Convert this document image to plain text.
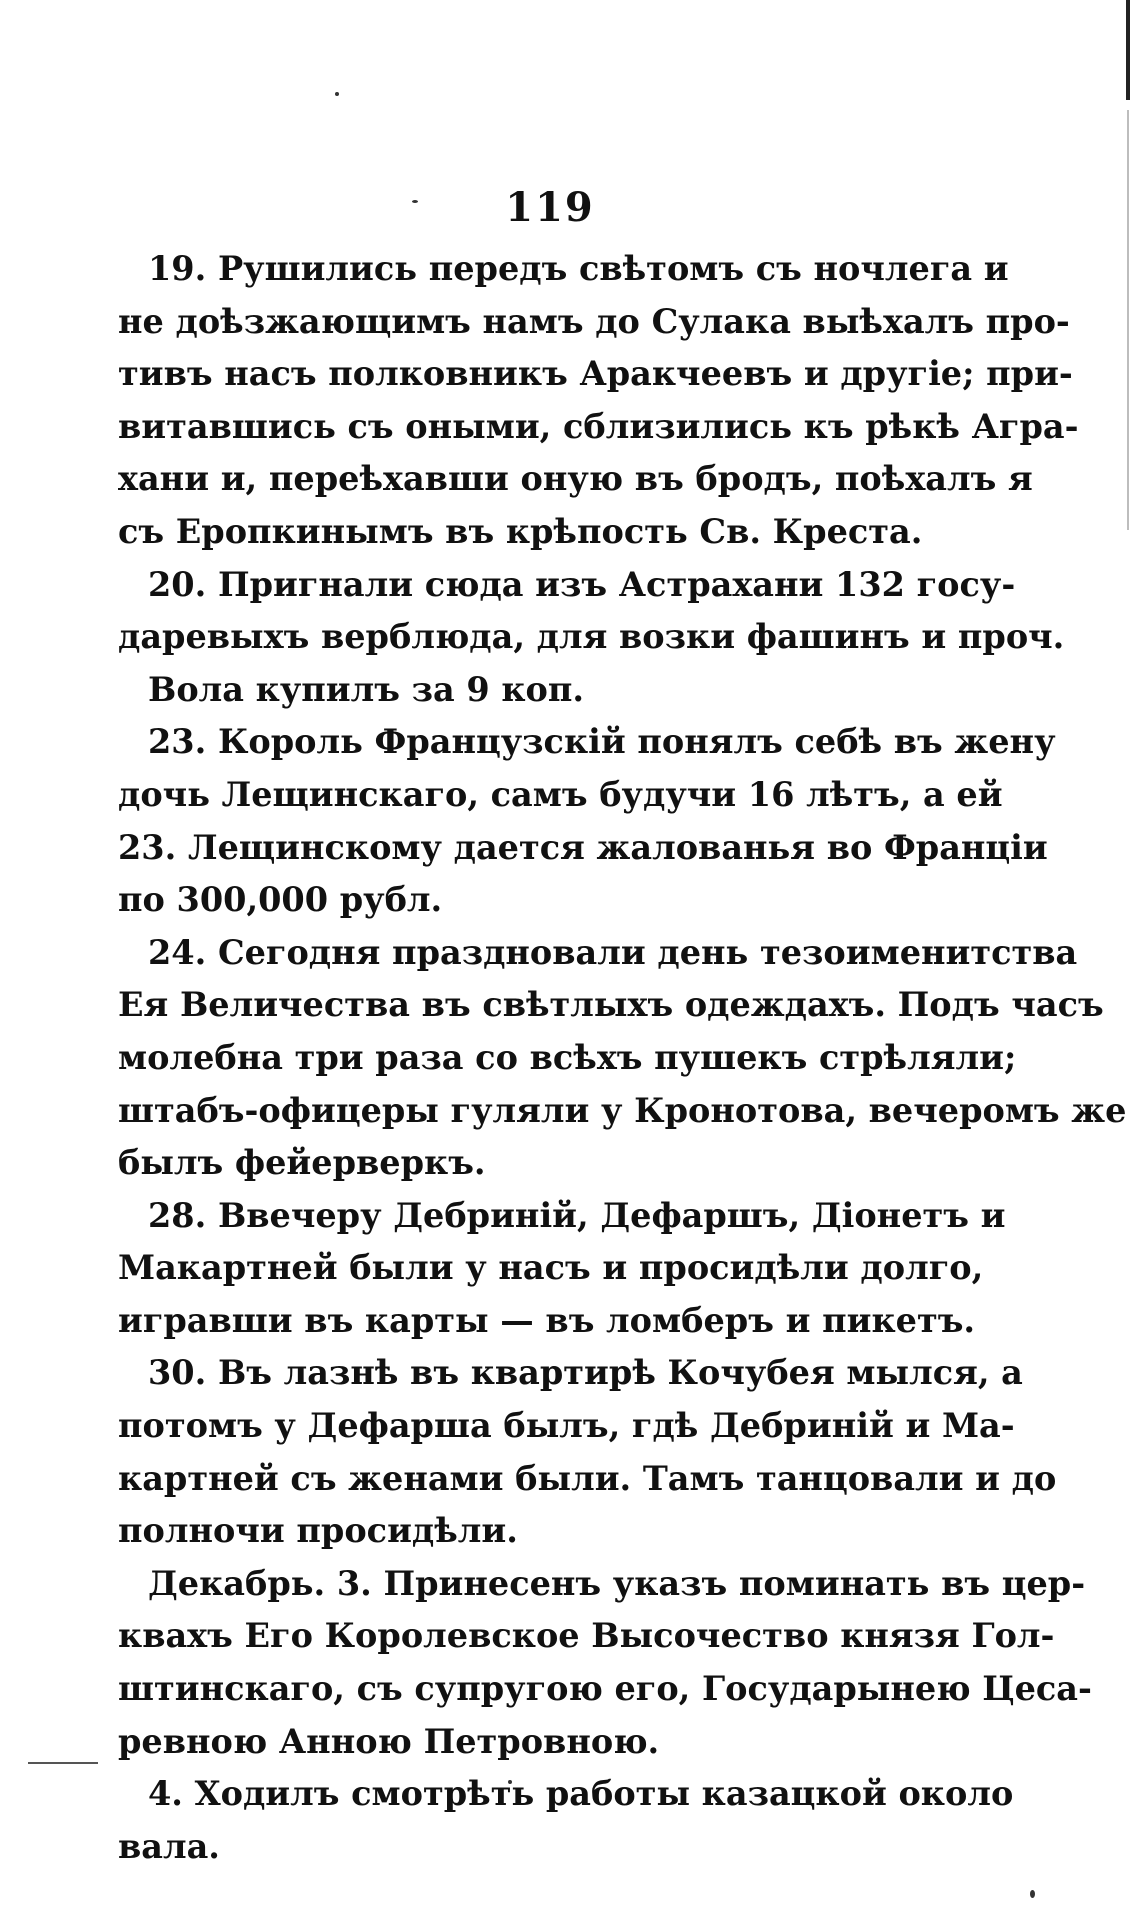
119
19. Рушились передъ свѣтомъ съ ночлега и
не доѣзжающимъ намъ до Сулака выѣхалъ про-
тивъ насъ полковникъ Аракчеевъ и другіе; при-
витавшись съ оными, сблизились къ рѣкѣ Агра-
хани и, переѣхавши оную въ бродъ, поѣхалъ я
съ Еропкинымъ въ крѣпость Св. Креста.
20. Пригнали сюда изъ Астрахани 132 госу-
даревыхъ верблюда, для возки фашинъ и проч.
Вола купилъ за 9 коп.
23. Король Французскій понялъ себѣ въ жену
дочь Лещинскаго, самъ будучи 16 лѣтъ, а ей
23. Лещинскому дается жалованья во Франціи
по 300,000 рубл.
24. Сегодня праздновали день тезоименитства
Ея Величества въ свѣтлыхъ одеждахъ. Подъ часъ
молебна три раза со всѣхъ пушекъ стрѣляли;
штабъ-офицеры гуляли у Кронотова, вечеромъ же
былъ фейерверкъ.
28. Ввечеру Дебриній, Дефаршъ, Діонетъ и
Макартней были у насъ и просидѣли долго,
игравши въ карты — въ ломберъ и пикетъ.
30. Въ лазнѣ въ квартирѣ Кочубея мылся, а
потомъ у Дефарша былъ, гдѣ Дебриній и Ма-
картней съ женами были. Тамъ танцовали и до
полночи просидѣли.
Декабрь. 3. Принесенъ указъ поминать въ цер-
квахъ Его Королевское Высочество князя Гол-
штинскаго, съ супругою его, Государынею Цеса-
ревною Анною Петровною.
4. Ходилъ смотрѣть работы казацкой около
вала.
